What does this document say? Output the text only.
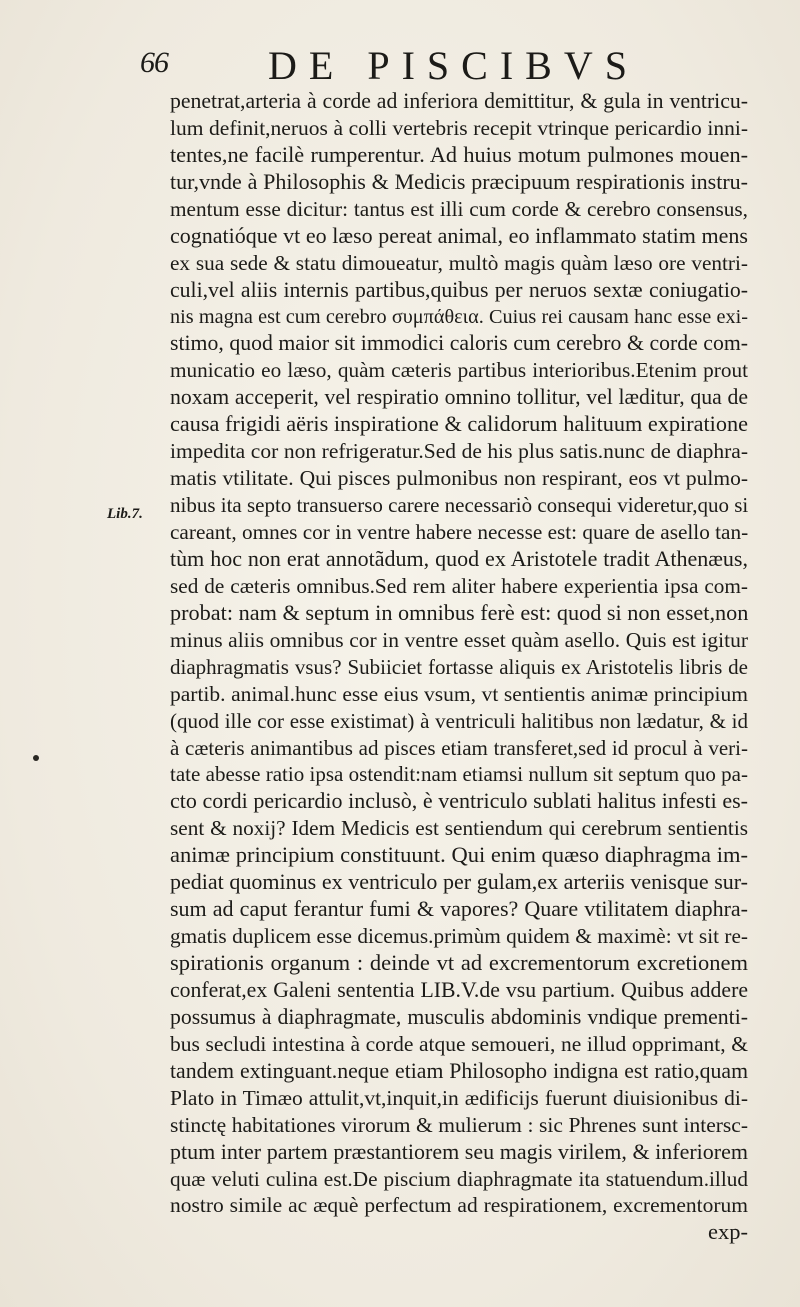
66	DE PISCIBVS
Lib.7.
penetrat,arteria à corde ad inferiora demittitur, & gula in ventricu-
lum definit,neruos à colli vertebris recepit vtrinque pericardio inni-
tentes,ne facilè rumperentur. Ad huius motum pulmones mouen-
tur,vnde à Philosophis & Medicis præcipuum respirationis instru-
mentum esse dicitur: tantus est illi cum corde & cerebro consensus,
cognatióque vt eo læso pereat animal, eo inflammato statim mens
ex sua sede & statu dimoueatur, multò magis quàm læso ore ventri-
culi,vel aliis internis partibus,quibus per neruos sextæ coniugatio-
nis magna est cum cerebro συμπάθεια. Cuius rei causam hanc esse exi-
stimo, quod maior sit immodici caloris cum cerebro & corde com-
municatio eo læso, quàm cæteris partibus interioribus.Etenim prout
noxam acceperit, vel respiratio omnino tollitur, vel læditur, qua de
causa frigidi aëris inspiratione & calidorum halituum expiratione
impedita cor non refrigeratur.Sed de his plus satis.nunc de diaphra-
matis vtilitate. Qui pisces pulmonibus non respirant, eos vt pulmo-
nibus ita septo transuerso carere necessariò consequi videretur,quo si
careant, omnes cor in ventre habere necesse est: quare de asello tan-
tùm hoc non erat annotãdum, quod ex Aristotele tradit Athenæus,
sed de cæteris omnibus.Sed rem aliter habere experientia ipsa com-
probat: nam & septum in omnibus ferè est: quod si non esset,non
minus aliis omnibus cor in ventre esset quàm asello. Quis est igitur
diaphragmatis vsus? Subiiciet fortasse aliquis ex Aristotelis libris de
partib. animal.hunc esse eius vsum, vt sentientis animæ principium
(quod ille cor esse existimat) à ventriculi halitibus non lædatur, & id
à cæteris animantibus ad pisces etiam transferet,sed id procul à veri-
tate abesse ratio ipsa ostendit:nam etiamsi nullum sit septum quo pa-
cto cordi pericardio inclusò, è ventriculo sublati halitus infesti es-
sent & noxij? Idem Medicis est sentiendum qui cerebrum sentientis
animæ principium constituunt. Qui enim quæso diaphragma im-
pediat quominus ex ventriculo per gulam,ex arteriis venisque sur-
sum ad caput ferantur fumi & vapores? Quare vtilitatem diaphra-
gmatis duplicem esse dicemus.primùm quidem & maximè: vt sit re-
spirationis organum : deinde vt ad excrementorum excretionem
conferat,ex Galeni sententia LIB.V.de vsu partium. Quibus addere
possumus à diaphragmate, musculis abdominis vndique prementi-
bus secludi intestina à corde atque semoueri, ne illud opprimant, &
tandem extinguant.neque etiam Philosopho indigna est ratio,quam
Plato in Timæo attulit,vt,inquit,in ædificijs fuerunt diuisionibus di-
stinctę habitationes virorum & mulierum : sic Phrenes sunt intersc-
ptum inter partem præstantiorem seu magis virilem, & inferiorem
quæ veluti culina est.De piscium diaphragmate ita statuendum.illud
nostro simile ac æquè perfectum ad respirationem, excrementorum
exp-
